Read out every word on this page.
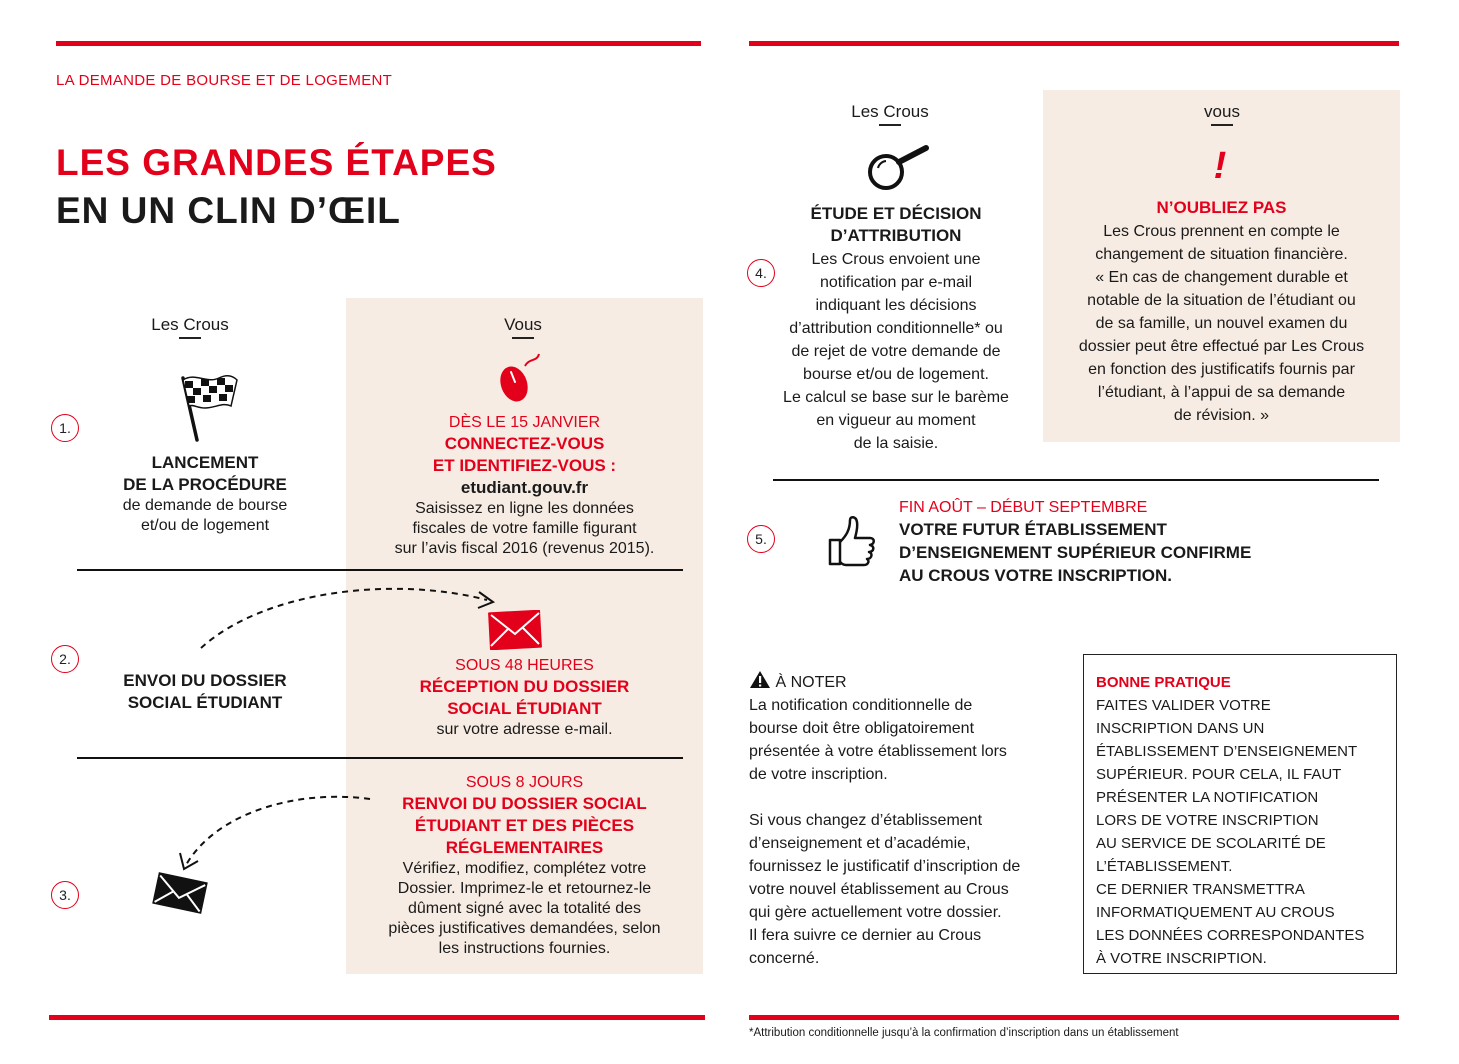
LA DEMANDE DE BOURSE ET DE LOGEMENT
LES GRANDES ÉTAPES
EN UN CLIN D’ŒIL
Les Crous	Vous
1.
LANCEMENT
DE LA PROCÉDURE
de demande de bourse
et/ou de logement
DÈS LE 15 JANVIER
CONNECTEZ-VOUS
ET IDENTIFIEZ-VOUS :
etudiant.gouv.fr
Saisissez en ligne les données
fiscales de votre famille figurant
sur l’avis fiscal 2016 (revenus 2015).
2.
ENVOI DU DOSSIER
SOCIAL ÉTUDIANT
SOUS 48 HEURES
RÉCEPTION DU DOSSIER
SOCIAL ÉTUDIANT
sur votre adresse e-mail.
3.
SOUS 8 JOURS
RENVOI DU DOSSIER SOCIAL
ÉTUDIANT ET DES PIÈCES
RÉGLEMENTAIRES
Vérifiez, modifiez, complétez votre
Dossier. Imprimez-le et retournez-le
dûment signé avec la totalité des
pièces justificatives demandées, selon
les instructions fournies.
Les Crous	vous
4.
ÉTUDE ET DÉCISION
D’ATTRIBUTION
Les Crous envoient une
notification par e-mail
indiquant les décisions
d’attribution conditionnelle* ou
de rejet de votre demande de
bourse et/ou de logement.
Le calcul se base sur le barème
en vigueur au moment
de la saisie.
!
N’OUBLIEZ PAS
Les Crous prennent en compte le
changement de situation financière.
« En cas de changement durable et
notable de la situation de l’étudiant ou
de sa famille, un nouvel examen du
dossier peut être effectué par Les Crous
en fonction des justificatifs fournis par
l’étudiant, à l’appui de sa demande
de révision. »
5.
FIN AOÛT – DÉBUT SEPTEMBRE
VOTRE FUTUR ÉTABLISSEMENT
D’ENSEIGNEMENT SUPÉRIEUR CONFIRME
AU CROUS VOTRE INSCRIPTION.
À NOTER
La notification conditionnelle de
bourse doit être obligatoirement
présentée à votre établissement lors
de votre inscription.
Si vous changez d’établissement
d’enseignement et d’académie,
fournissez le justificatif d’inscription de
votre nouvel établissement au Crous
qui gère actuellement votre dossier.
Il fera suivre ce dernier au Crous
concerné.
BONNE PRATIQUE
FAITES VALIDER VOTRE
INSCRIPTION DANS UN
ÉTABLISSEMENT D’ENSEIGNEMENT
SUPÉRIEUR. POUR CELA, IL FAUT
PRÉSENTER LA NOTIFICATION
LORS DE VOTRE INSCRIPTION
AU SERVICE DE SCOLARITÉ DE
L’ÉTABLISSEMENT.
CE DERNIER TRANSMETTRA
INFORMATIQUEMENT AU CROUS
LES DONNÉES CORRESPONDANTES
À VOTRE INSCRIPTION.
*Attribution conditionnelle jusqu’à la confirmation d’inscription dans un établissement
